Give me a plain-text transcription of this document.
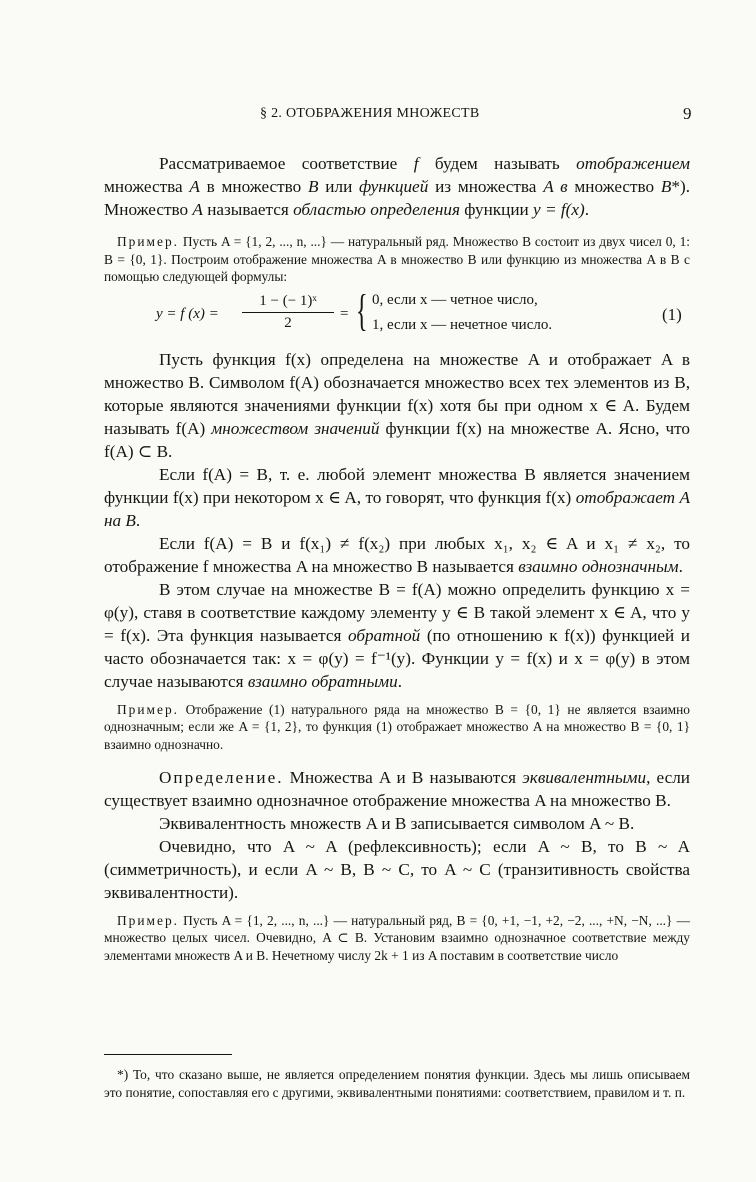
§ 2. ОТОБРАЖЕНИЯ МНОЖЕСТВ	9

Рассматриваемое соответствие f будем называть отображением множества A в множество B или функцией из множества A в множество B*). Множество A называется областью определения функции y = f(x).

Пример. Пусть A = {1, 2, ..., n, ...} — натуральный ряд. Множество B состоит из двух чисел 0, 1: B = {0, 1}. Построим отображение множества A в множество B или функцию из множества A в B с помощью следующей формулы:

y = f $(x) = \frac{\text{1 − (− 1)ˣ}}{2}$ = { 0, если x — четное число,
1, если x — нечетное число.
(1)

Пусть функция f(x) определена на множестве A и отображает A в множество B. Символом f(A) обозначается множество всех тех элементов из B, которые являются значениями функции f(x) хотя бы при одном x ∈ A. Будем называть f(A) множеством значений функции f(x) на множестве A. Ясно, что f(A) ⊂ B.

Если f(A) = B, т. е. любой элемент множества B является значением функции f(x) при некотором x ∈ A, то говорят, что функция f(x) отображает A на B.

Если f(A) = B и f(x₁) ≠ f(x₂) при любых x₁, x₂ ∈ A и x₁ ≠ x₂, то отображение f множества A на множество B называется взаимно однозначным.

В этом случае на множестве B = f(A) можно определить функцию x = φ(y), ставя в соответствие каждому элементу y ∈ B такой элемент x ∈ A, что y = f(x). Эта функция называется обратной (по отношению к f(x)) функцией и часто обозначается так: x = φ(y) = f⁻¹(y). Функции y = f(x) и x = φ(y) в этом случае называются взаимно обратными.

Пример. Отображение (1) натурального ряда на множество B = {0, 1} не является взаимно однозначным; если же A = {1, 2}, то функция (1) отображает множество A на множество B = {0, 1} взаимно однозначно.

Определение. Множества A и B называются эквивалентными, если существует взаимно однозначное отображение множества A на множество B.

Эквивалентность множеств A и B записывается символом A ~ B.

Очевидно, что A ~ A (рефлексивность); если A ~ B, то B ~ A (симметричность), и если A ~ B, B ~ C, то A ~ C (транзитивность свойства эквивалентности).

Пример. Пусть A = {1, 2, ..., n, ...} — натуральный ряд, B = {0, +1, −1, +2, −2, ..., +N, −N, ...} — множество целых чисел. Очевидно, A ⊂ B. Установим взаимно однозначное соответствие между элементами множеств A и B. Нечетному числу 2k + 1 из A поставим в соответствие число

*) То, что сказано выше, не является определением понятия функции. Здесь мы лишь описываем это понятие, сопоставляя его с другими, эквивалентными понятиями: соответствием, правилом и т. п.
